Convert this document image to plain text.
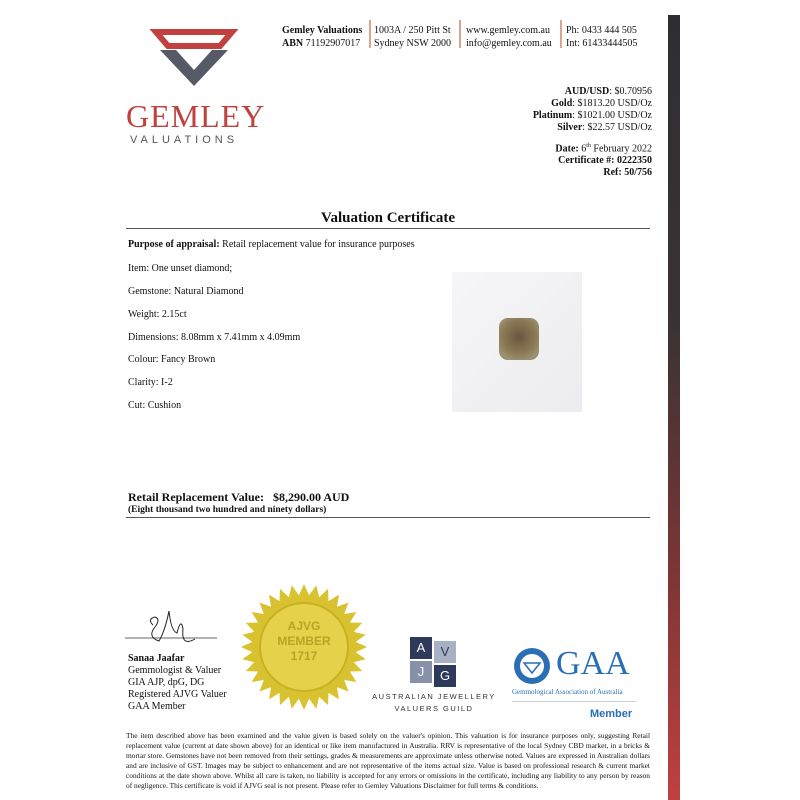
GEMLEY
VALUATIONS
Gemley Valuations
ABN 71192907017
1003A / 250 Pitt St
Sydney NSW 2000
www.gemley.com.au
info@gemley.com.au
Ph: 0433 444 505
Int: 61433444505
AUD/USD: $0.70956
Gold: $1813.20 USD/Oz
Platinum: $1021.00 USD/Oz
Silver: $22.57 USD/Oz
Date: 6th February 2022
Certificate #: 0222350
Ref: 50/756
Valuation Certificate
Purpose of appraisal: Retail replacement value for insurance purposes
Item: One unset diamond;
Gemstone: Natural Diamond
Weight: 2.15ct
Dimensions: 8.08mm x 7.41mm x 4.09mm
Colour: Fancy Brown
Clarity: I-2
Cut: Cushion
Retail Replacement Value: $8,290.00 AUD
(Eight thousand two hundred and ninety dollars)
Sanaa Jaafar
Gemmologist & Valuer
GIA AJP, dpG, DG
Registered AJVG Valuer
GAA Member
AJVG
MEMBER
1717
A	V
J	G
AUSTRALIAN JEWELLERY
VALUERS GUILD
GAA
Gemmological Association of Australia
Member
The item described above has been examined and the value given is based solely on the valuer's opinion. This valuation is for insurance purposes only, suggesting Retail replacement value (current at date shown above) for an identical or like item manufactured in Australia. RRV is representative of the local Sydney CBD market, in a bricks & mortar store. Gemstones have not been removed from their settings, grades & measurements are approximate unless otherwise noted. Values are expressed in Australian dollars and are inclusive of GST. Images may be subject to enhancement and are not representative of the items actual size. Value is based on professional research & current market conditions at the date shown above. Whilst all care is taken, no liability is accepted for any errors or omissions in the certificate, including any liability to any person by reason of negligence. This certificate is void if AJVG seal is not present. Please refer to Gemley Valuations Disclaimer for full terms & conditions.
